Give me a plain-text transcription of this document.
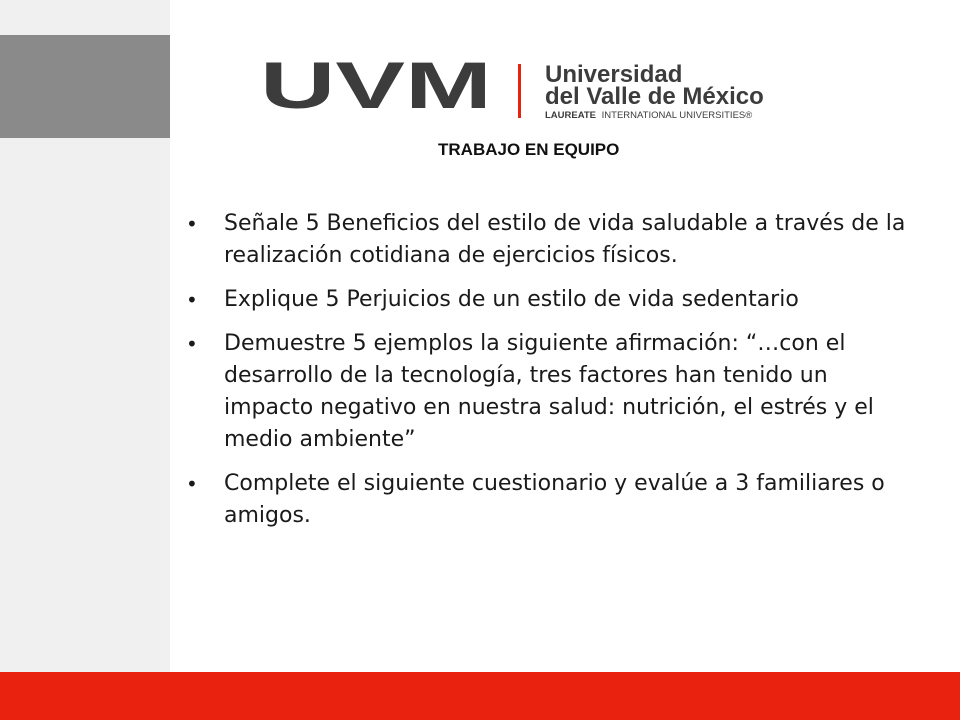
UVM Universidad
del Valle de México
LAUREATE INTERNATIONAL UNIVERSITIES®
TRABAJO EN EQUIPO
• Señale 5 Beneficios del estilo de vida saludable a través de la realización cotidiana de ejercicios físicos.
• Explique 5 Perjuicios de un estilo de vida sedentario
• Demuestre 5 ejemplos la siguiente afirmación: “…con el desarrollo de la tecnología, tres factores han tenido un impacto negativo en nuestra salud: nutrición, el estrés y el medio ambiente”
• Complete el siguiente cuestionario y evalúe a 3 familiares o amigos.
